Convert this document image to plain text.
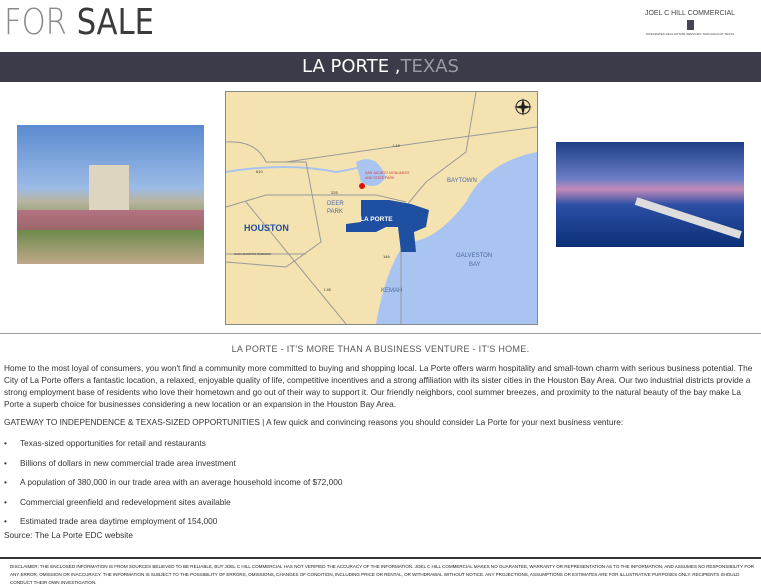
FOR SALE	JOEL C HILL COMMERCIAL
INTEGRATED REAL ESTATE SERVICES THROUGHOUT TEXAS
LA PORTE ,TEXAS
I-10
610
225
146
I-45
SAM HOUSTON PARKWAY
DEER
PARK
BAYTOWN
GALVESTON
BAY
KEMAH
HOUSTON
LA PORTE
SAN JACINTO MONUMENT
AND STATE PARK
LA PORTE - IT'S MORE THAN A BUSINESS VENTURE - IT'S HOME.

Home to the most loyal of consumers, you won't find a community more committed to buying and shopping local. La Porte offers warm hospitality and small-town charm with serious business potential. The City of La Porte offers a fantastic location, a relaxed, enjoyable quality of life, competitive incentives and a strong affiliation with its sister cities in the Houston Bay Area. Our two industrial districts provide a strong employment base of residents who love their hometown and go out of their way to support it. Our friendly neighbors, cool summer breezes, and proximity to the natural beauty of the bay make La Porte a superb choice for businesses considering a new location or an expansion in the Houston Bay Area.

GATEWAY TO INDEPENDENCE & TEXAS-SIZED OPPORTUNITIES | A few quick and convincing reasons you should consider La Porte for your next business venture:

• Texas-sized opportunities for retail and restaurants
• Billions of dollars in new commercial trade area investment
• A population of 380,000 in our trade area with an average household income of $72,000
• Commercial greenfield and redevelopment sites available
• Estimated trade area daytime employment of 154,000
Source: The La Porte EDC website
DISCLAIMER: THE ENCLOSED INFORMATION IS FROM SOURCES BELIEVED TO BE RELIABLE, BUT JOEL C HILL COMMERCIAL HAS NOT VERIFIED THE ACCURACY OF THE INFORMATION. JOEL C HILL COMMERCIAL MAKES NO GUARANTEE, WARRANTY OR REPRESENTATION AS TO THE INFORMATION, AND ASSUMES NO RESPONSIBILITY FOR ANY ERROR, OMISSION OR INACCURACY. THE INFORMATION IS SUBJECT TO THE POSSIBILITY OF ERRORS, OMISSIONS, CHANGES OF CONDITION, INCLUDING PRICE OR RENTAL, OR WITHDRAWAL WITHOUT NOTICE. ANY PROJECTIONS, ASSUMPTIONS OR ESTIMATES ARE FOR ILLUSTRATIVE PURPOSES ONLY. RECIPIENTS SHOULD CONDUCT THEIR OWN INVESTIGATION.
